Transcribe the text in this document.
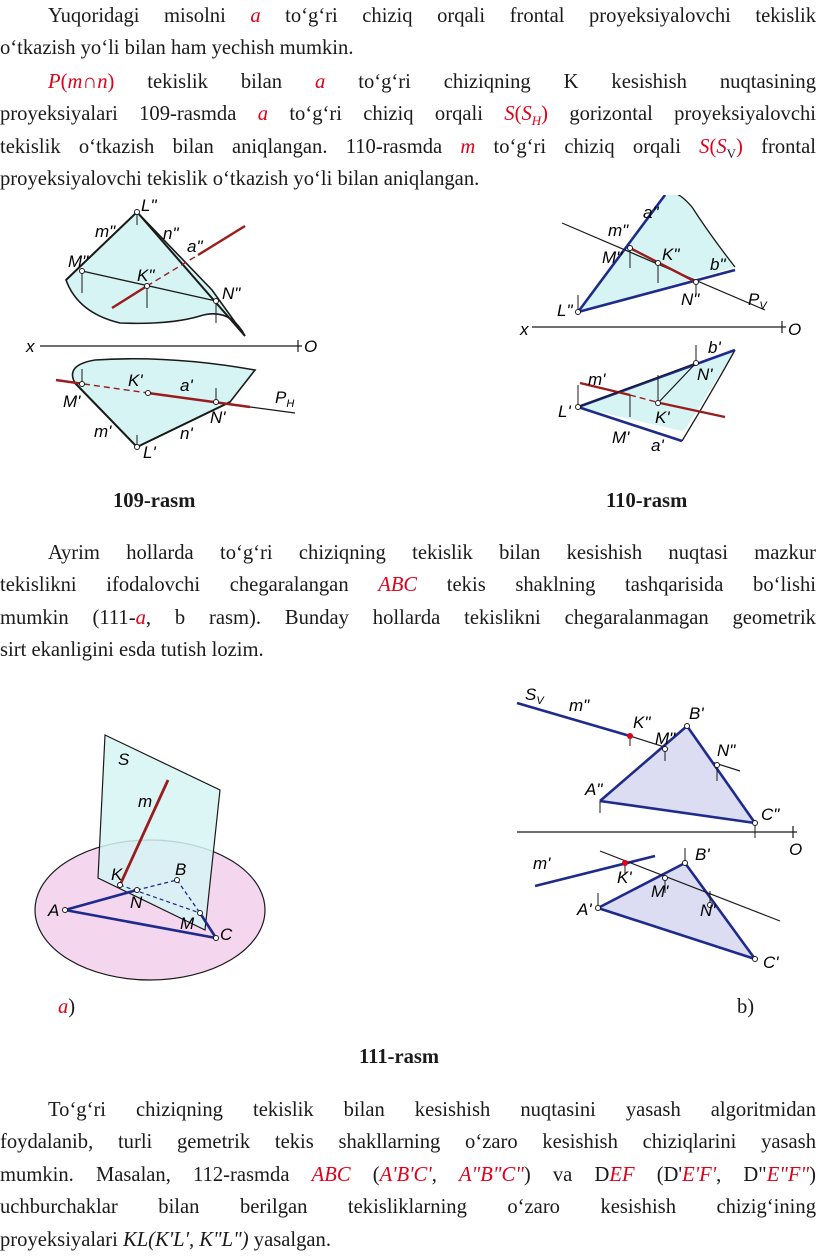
Yuqoridagi misolni a to‘g‘ri chiziq orqali frontal proyeksiyalovchi tekislik
o‘tkazish yo‘li bilan ham yechish mumkin.
P(m∩n) tekislik bilan a to‘g‘ri chiziqning K kesishish nuqtasining
proyeksiyalari 109-rasmda a to‘g‘ri chiziq orqali $S(S_H)$ gorizontal proyeksiyalovchi
tekislik o‘tkazish bilan aniqlangan. 110-rasmda m to‘g‘ri chiziq orqali $S(S_V)$ frontal
proyeksiyalovchi tekislik o‘tkazish yo‘li bilan aniqlangan.
L"
m"	n"
a"
M"
K"
N"
x	O
K' a'
M'
N'
m'	n'
L'
$P_H$
a"
m"
M" K"
b"
N"
L"
$P_V$
x	O
b'
m'	N'
L'	K'
M' a'
109-rasm	110-rasm
Ayrim hollarda to‘g‘ri chiziqning tekislik bilan kesishish nuqtasi mazkur
tekislikni ifodalovchi chegaralangan ABC tekis shaklning tashqarisida bo‘lishi
mumkin (111-a, b rasm). Bunday hollarda tekislikni chegaralanmagan geometrik
sirt ekanligini esda tutish lozim.
S
m
K	B
A	N
M
C
$S_V$ m"
K" B'
M"
N"
A"
C"
O
m'	B'
K'
M'
A'	N'
C'
a)	b)
111-rasm
To‘g‘ri chiziqning tekislik bilan kesishish nuqtasini yasash algoritmidan
foydalanib, turli gemetrik tekis shakllarning o‘zaro kesishish chiziqlarini yasash
mumkin. Masalan, 112-rasmda ABC (A'B'C', A"B"C") va DEF (D'E'F', D"E"F")
uchburchaklar bilan berilgan tekisliklarning o‘zaro kesishish chizig‘ining
proyeksiyalari KL(K'L', K"L") yasalgan.
